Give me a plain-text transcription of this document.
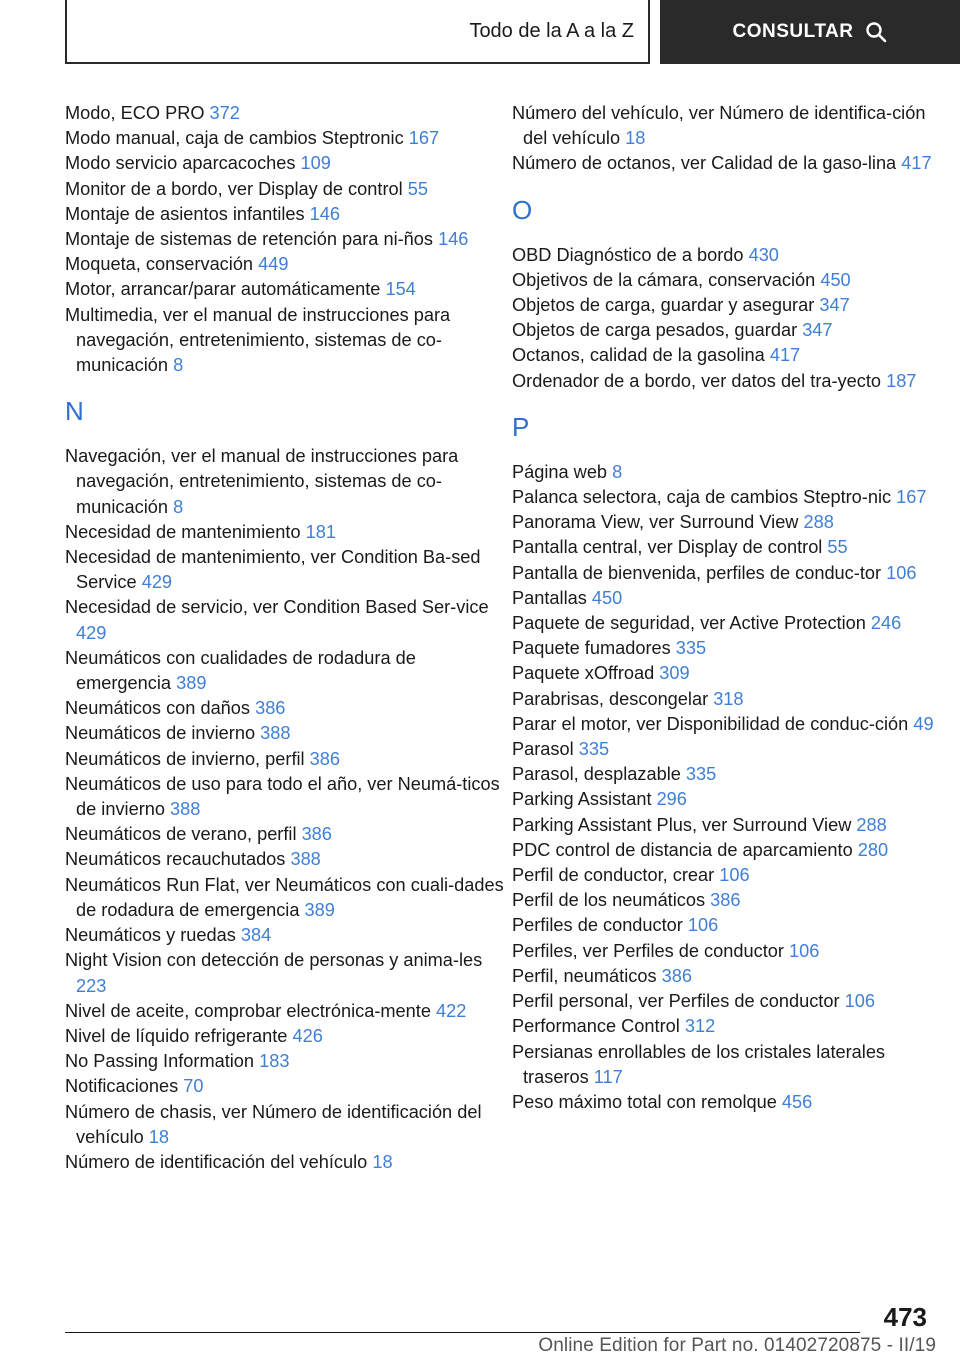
Todo de la A a la Z	CONSULTAR

Modo, ECO PRO 372

Modo manual, caja de cambios Steptronic 167

Modo servicio aparcacoches 109

Monitor de a bordo, ver Display de control 55

Montaje de asientos infantiles 146

Montaje de sistemas de retención para ni-ños 146

Moqueta, conservación 449

Motor, arrancar/parar automáticamente 154

Multimedia, ver el manual de instrucciones para navegación, entretenimiento, sistemas de co-municación 8

N

Navegación, ver el manual de instrucciones para navegación, entretenimiento, sistemas de co-municación 8

Necesidad de mantenimiento 181

Necesidad de mantenimiento, ver Condition Ba-sed Service 429

Necesidad de servicio, ver Condition Based Ser-vice 429

Neumáticos con cualidades de rodadura de emergencia 389

Neumáticos con daños 386

Neumáticos de invierno 388

Neumáticos de invierno, perfil 386

Neumáticos de uso para todo el año, ver Neumá-ticos de invierno 388

Neumáticos de verano, perfil 386

Neumáticos recauchutados 388

Neumáticos Run Flat, ver Neumáticos con cuali-dades de rodadura de emergencia 389

Neumáticos y ruedas 384

Night Vision con detección de personas y anima-les 223

Nivel de aceite, comprobar electrónica-mente 422

Nivel de líquido refrigerante 426

No Passing Information 183

Notificaciones 70

Número de chasis, ver Número de identificación del vehículo 18

Número de identificación del vehículo 18

Número del vehículo, ver Número de identifica-ción del vehículo 18

Número de octanos, ver Calidad de la gaso-lina 417

O

OBD Diagnóstico de a bordo 430

Objetivos de la cámara, conservación 450

Objetos de carga, guardar y asegurar 347

Objetos de carga pesados, guardar 347

Octanos, calidad de la gasolina 417

Ordenador de a bordo, ver datos del tra-yecto 187

P

Página web 8

Palanca selectora, caja de cambios Steptro-nic 167

Panorama View, ver Surround View 288

Pantalla central, ver Display de control 55

Pantalla de bienvenida, perfiles de conduc-tor 106

Pantallas 450

Paquete de seguridad, ver Active Protection 246

Paquete fumadores 335

Paquete xOffroad 309

Parabrisas, descongelar 318

Parar el motor, ver Disponibilidad de conduc-ción 49

Parasol 335

Parasol, desplazable 335

Parking Assistant 296

Parking Assistant Plus, ver Surround View 288

PDC control de distancia de aparcamiento 280

Perfil de conductor, crear 106

Perfil de los neumáticos 386

Perfiles de conductor 106

Perfiles, ver Perfiles de conductor 106

Perfil, neumáticos 386

Perfil personal, ver Perfiles de conductor 106

Performance Control 312

Persianas enrollables de los cristales laterales traseros 117

Peso máximo total con remolque 456

473
Online Edition for Part no. 01402720875 - II/19
